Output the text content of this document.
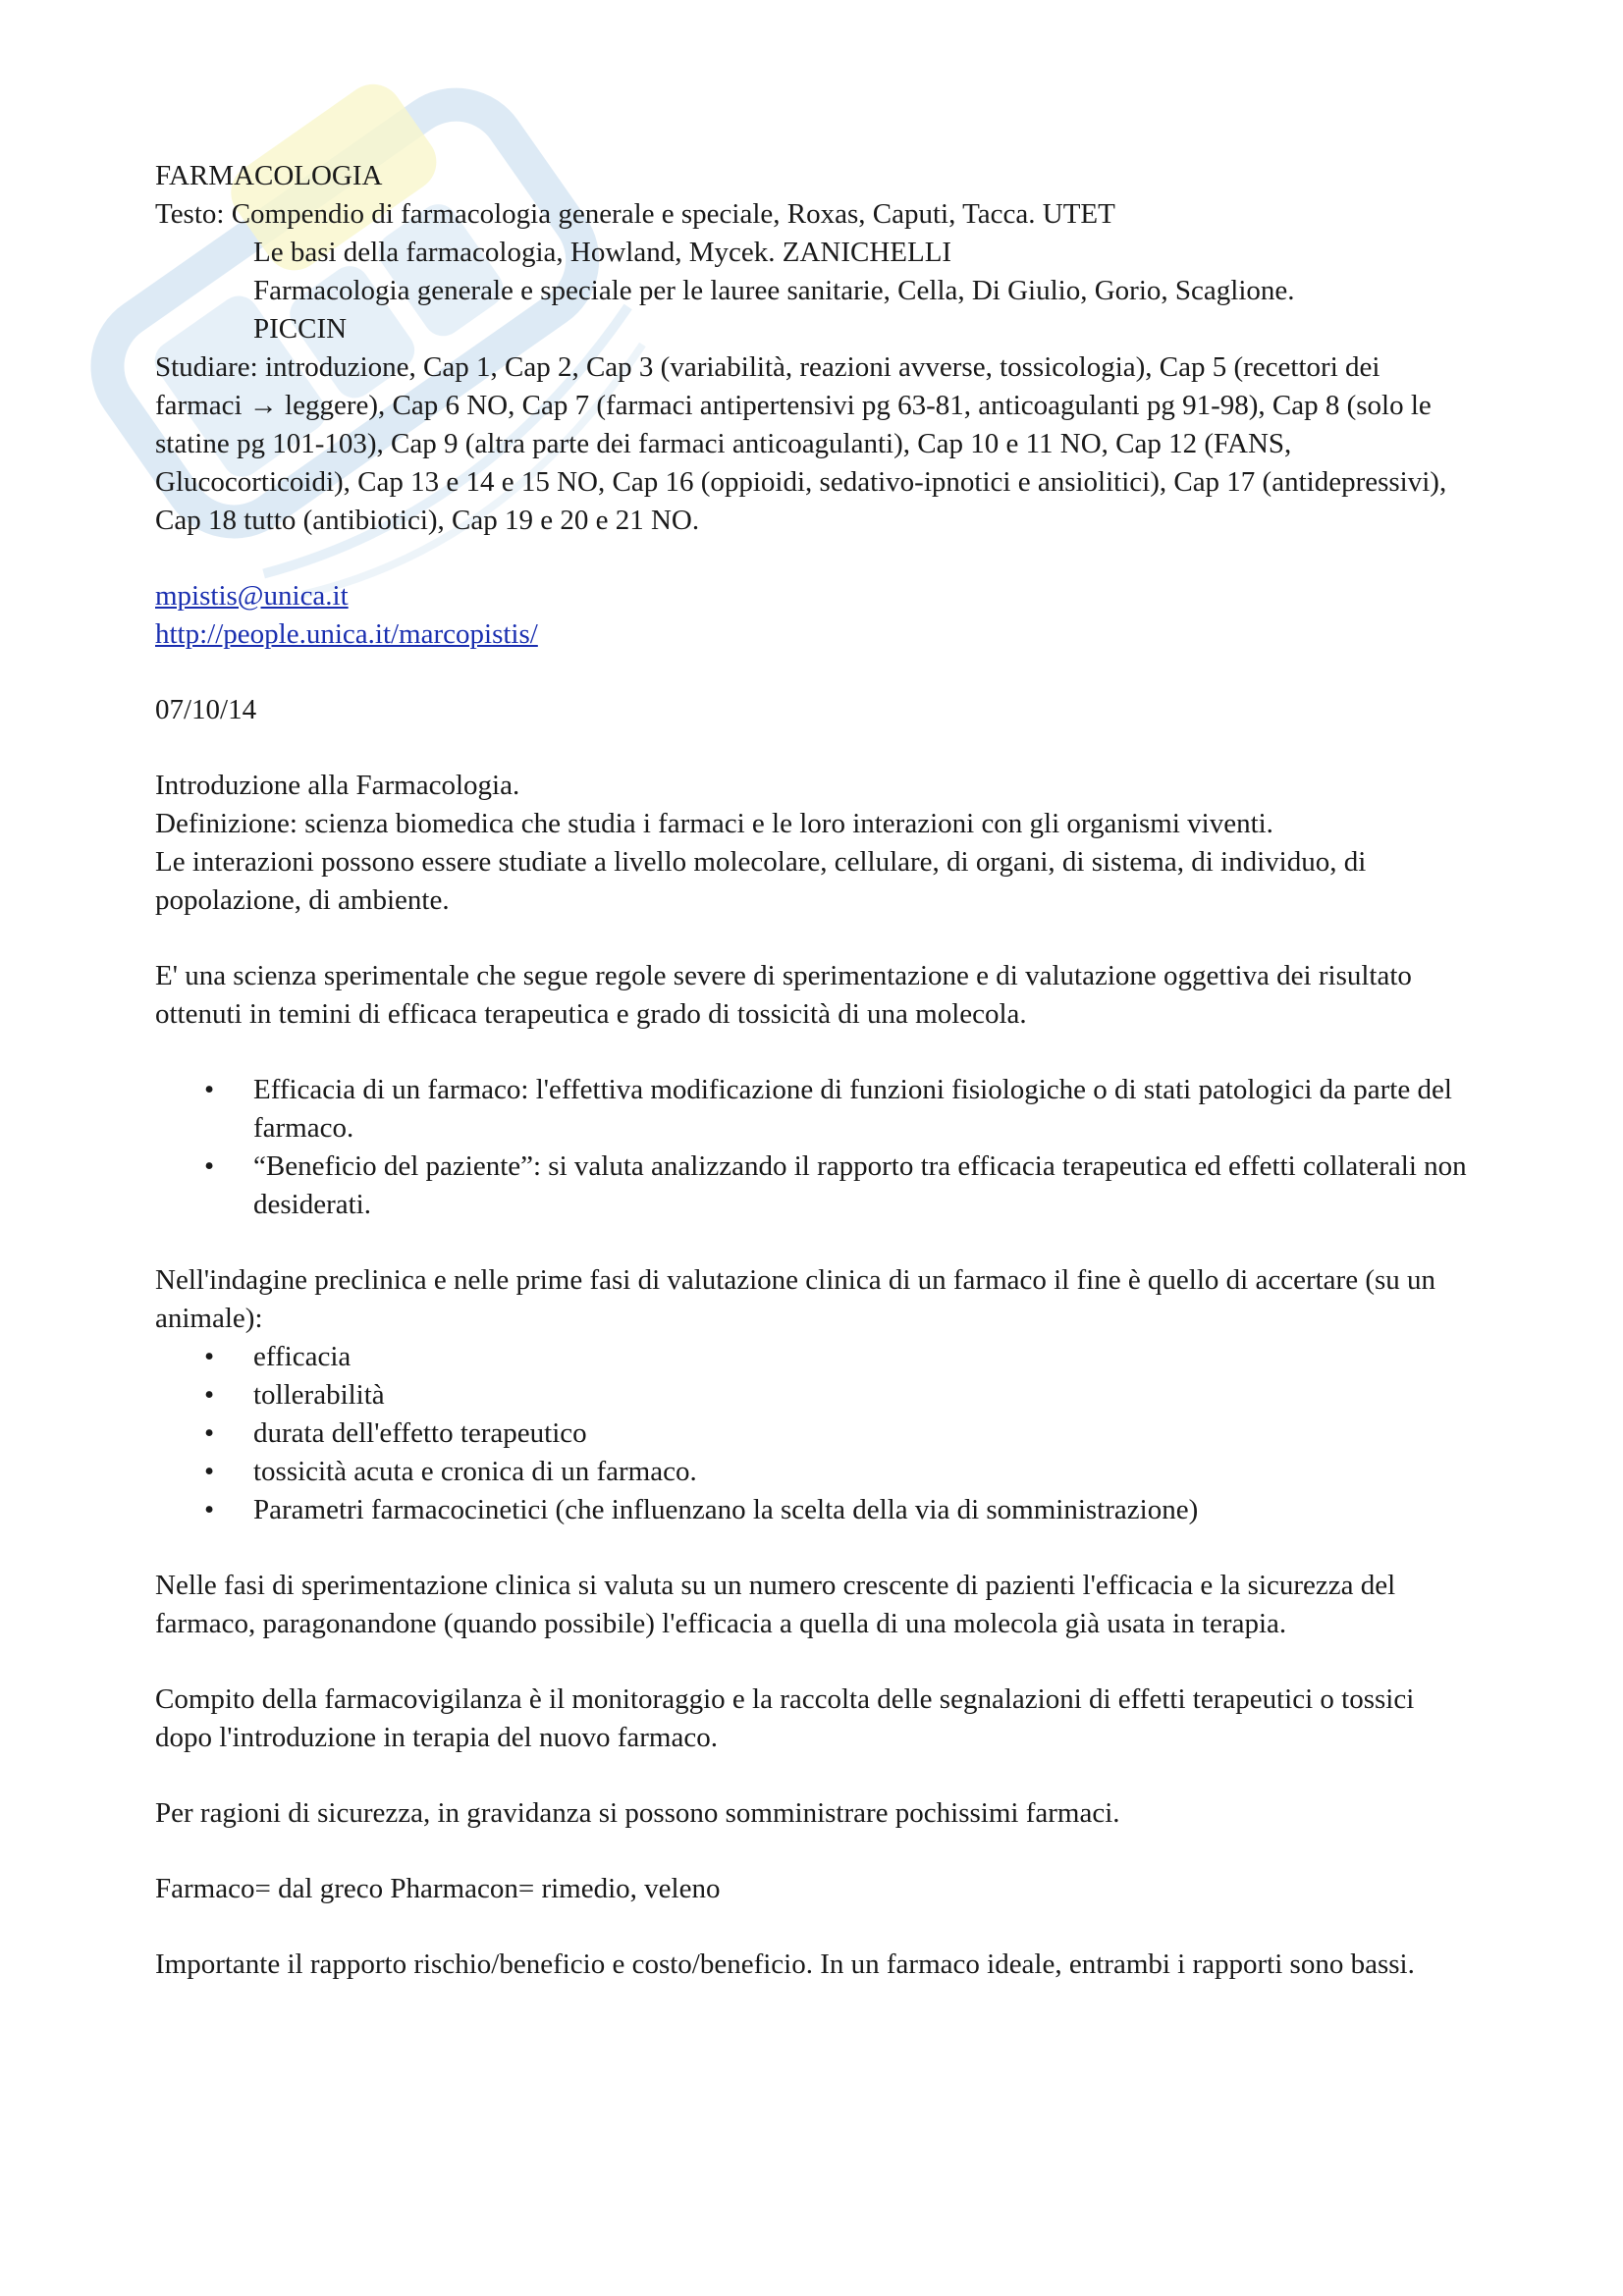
FARMACOLOGIA

Testo: Compendio di farmacologia generale e speciale, Roxas, Caputi, Tacca. UTET

Le basi della farmacologia, Howland, Mycek. ZANICHELLI

Farmacologia generale e speciale per le lauree sanitarie, Cella, Di Giulio, Gorio, Scaglione.

PICCIN

Studiare: introduzione, Cap 1, Cap 2, Cap 3 (variabilità, reazioni avverse, tossicologia), Cap 5 (recettori dei farmaci → leggere), Cap 6 NO, Cap 7 (farmaci antipertensivi pg 63-81, anticoagulanti pg 91-98), Cap 8 (solo le statine pg 101-103), Cap 9 (altra parte dei farmaci anticoagulanti), Cap 10 e 11 NO, Cap 12 (FANS, Glucocorticoidi), Cap 13 e 14 e 15 NO, Cap 16 (oppioidi, sedativo-ipnotici e ansiolitici), Cap 17 (antidepressivi), Cap 18 tutto (antibiotici), Cap 19 e 20 e 21 NO.

mpistis@unica.it

http://people.unica.it/marcopistis/

07/10/14

Introduzione alla Farmacologia.

Definizione: scienza biomedica che studia i farmaci e le loro interazioni con gli organismi viventi.

Le interazioni possono essere studiate a livello molecolare, cellulare, di organi, di sistema, di individuo, di popolazione, di ambiente.

E' una scienza sperimentale che segue regole severe di sperimentazione e di valutazione oggettiva dei risultato ottenuti in temini di efficaca terapeutica e grado di tossicità di una molecola.

• Efficacia di un farmaco: l'effettiva modificazione di funzioni fisiologiche o di stati patologici da parte del farmaco.
• “Beneficio del paziente”: si valuta analizzando il rapporto tra efficacia terapeutica ed effetti collaterali non desiderati.

Nell'indagine preclinica e nelle prime fasi di valutazione clinica di un farmaco il fine è quello di accertare (su un animale):

• efficacia
• tollerabilità
• durata dell'effetto terapeutico
• tossicità acuta e cronica di un farmaco.
• Parametri farmacocinetici (che influenzano la scelta della via di somministrazione)

Nelle fasi di sperimentazione clinica si valuta su un numero crescente di pazienti l'efficacia e la sicurezza del farmaco, paragonandone (quando possibile) l'efficacia a quella di una molecola già usata in terapia.

Compito della farmacovigilanza è il monitoraggio e la raccolta delle segnalazioni di effetti terapeutici o tossici dopo l'introduzione in terapia del nuovo farmaco.

Per ragioni di sicurezza, in gravidanza si possono somministrare pochissimi farmaci.

Farmaco= dal greco Pharmacon= rimedio, veleno

Importante il rapporto rischio/beneficio e costo/beneficio. In un farmaco ideale, entrambi i rapporti sono bassi.
